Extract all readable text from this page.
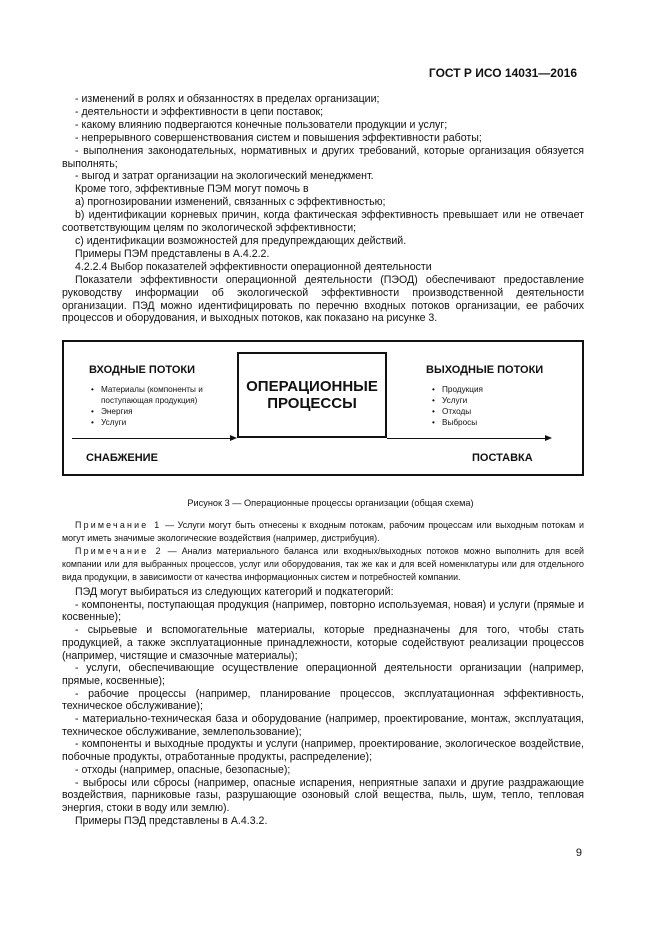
ГОСТ Р ИСО 14031—2016

- изменений в ролях и обязанностях в пределах организации;

- деятельности и эффективности в цепи поставок;

- какому влиянию подвергаются конечные пользователи продукции и услуг;

- непрерывного совершенствования систем и повышения эффективности работы;

- выполнения законодательных, нормативных и других требований, которые организация обязуется выполнять;

- выгод и затрат организации на экологический менеджмент.

Кроме того, эффективные ПЭМ могут помочь в

a) прогнозировании изменений, связанных с эффективностью;

b) идентификации корневых причин, когда фактическая эффективность превышает или не отвечает соответствующим целям по экологической эффективности;

c) идентификации возможностей для предупреждающих действий.

Примеры ПЭМ представлены в А.4.2.2.

4.2.2.4 Выбор показателей эффективности операционной деятельности

Показатели эффективности операционной деятельности (ПЭОД) обеспечивают предоставление руководству информации об экологической эффективности производственной деятельности организации. ПЭД можно идентифицировать по перечню входных потоков организации, ее рабочих процессов и оборудования, и выходных потоков, как показано на рисунке 3.

ВХОДНЫЕ ПОТОКИ
• Материалы (компоненты и поступающая продукция)
• Энергия
• Услуги
ОПЕРАЦИОННЫЕ ПРОЦЕССЫ
ВЫХОДНЫЕ ПОТОКИ
• Продукция
• Услуги
• Отходы
• Выбросы
СНАБЖЕНИЕ	ПОСТАВКА
Рисунок 3 — Операционные процессы организации (общая схема)

Примечание 1 — Услуги могут быть отнесены к входным потокам, рабочим процессам или выходным потокам и могут иметь значимые экологические воздействия (например, дистрибуция).

Примечание 2 — Анализ материального баланса или входных/выходных потоков можно выполнить для всей компании или для выбранных процессов, услуг или оборудования, так же как и для всей номенклатуры или для отдельного вида продукции, в зависимости от качества информационных систем и потребностей компании.

ПЭД могут выбираться из следующих категорий и подкатегорий:

- компоненты, поступающая продукция (например, повторно используемая, новая) и услуги (прямые и косвенные);

- сырьевые и вспомогательные материалы, которые предназначены для того, чтобы стать продукцией, а также эксплуатационные принадлежности, которые содействуют реализации процессов (например, чистящие и смазочные материалы);

- услуги, обеспечивающие осуществление операционной деятельности организации (например, прямые, косвенные);

- рабочие процессы (например, планирование процессов, эксплуатационная эффективность, техническое обслуживание);

- материально-техническая база и оборудование (например, проектирование, монтаж, эксплуатация, техническое обслуживание, землепользование);

- компоненты и выходные продукты и услуги (например, проектирование, экологическое воздействие, побочные продукты, отработанные продукты, распределение);

- отходы (например, опасные, безопасные);

- выбросы или сбросы (например, опасные испарения, неприятные запахи и другие раздражающие воздействия, парниковые газы, разрушающие озоновый слой вещества, пыль, шум, тепло, тепловая энергия, стоки в воду или землю).

Примеры ПЭД представлены в А.4.3.2.

9
